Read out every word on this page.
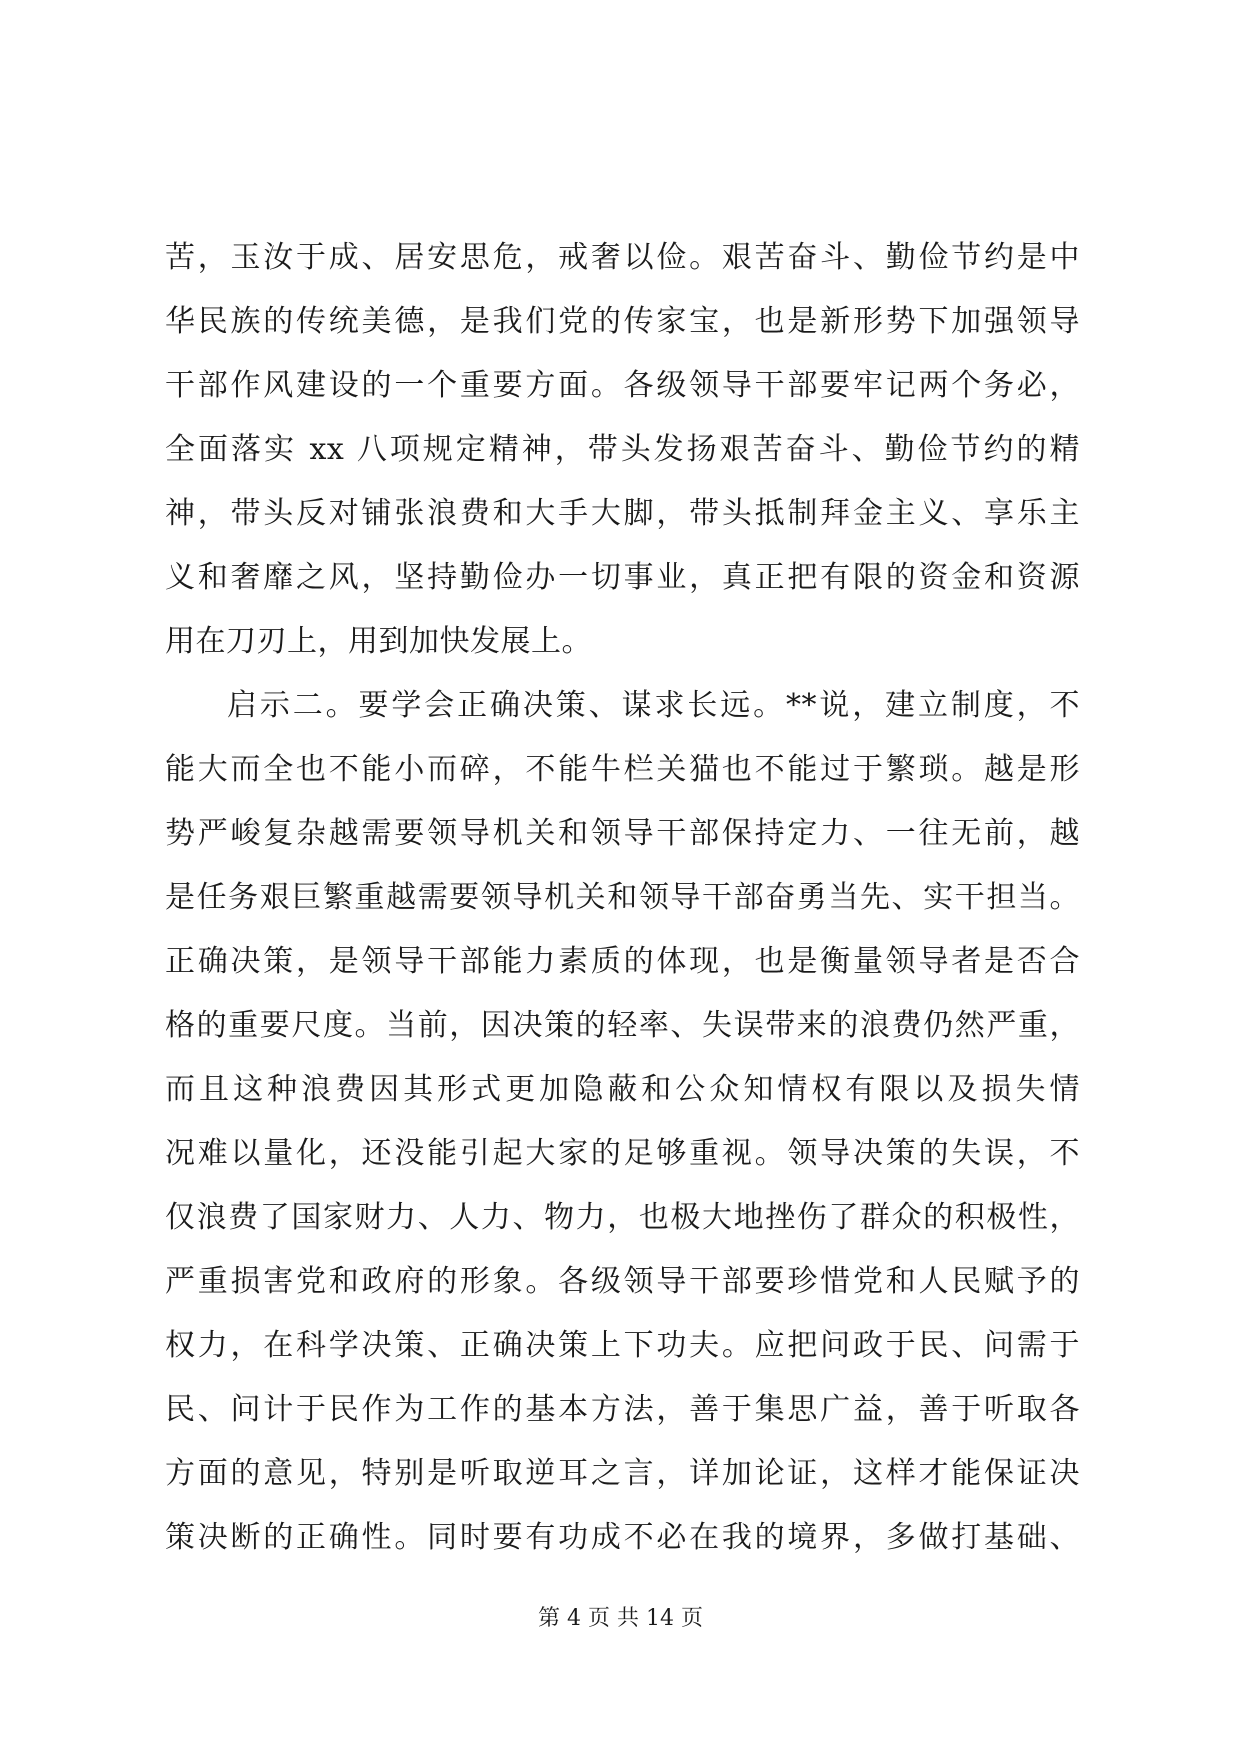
苦，玉汝于成、居安思危，戒奢以俭。艰苦奋斗、勤俭节约是中
华民族的传统美德，是我们党的传家宝，也是新形势下加强领导
干部作风建设的一个重要方面。各级领导干部要牢记两个务必，
全面落实 xx 八项规定精神，带头发扬艰苦奋斗、勤俭节约的精
神，带头反对铺张浪费和大手大脚，带头抵制拜金主义、享乐主
义和奢靡之风，坚持勤俭办一切事业，真正把有限的资金和资源
用在刀刃上，用到加快发展上。
启示二。要学会正确决策、谋求长远。**说，建立制度，不
能大而全也不能小而碎，不能牛栏关猫也不能过于繁琐。越是形
势严峻复杂越需要领导机关和领导干部保持定力、一往无前，越
是任务艰巨繁重越需要领导机关和领导干部奋勇当先、实干担当。
正确决策，是领导干部能力素质的体现，也是衡量领导者是否合
格的重要尺度。当前，因决策的轻率、失误带来的浪费仍然严重，
而且这种浪费因其形式更加隐蔽和公众知情权有限以及损失情
况难以量化，还没能引起大家的足够重视。领导决策的失误，不
仅浪费了国家财力、人力、物力，也极大地挫伤了群众的积极性，
严重损害党和政府的形象。各级领导干部要珍惜党和人民赋予的
权力，在科学决策、正确决策上下功夫。应把问政于民、问需于
民、问计于民作为工作的基本方法，善于集思广益，善于听取各
方面的意见，特别是听取逆耳之言，详加论证，这样才能保证决
策决断的正确性。同时要有功成不必在我的境界，多做打基础、
第 4 页 共 14 页
